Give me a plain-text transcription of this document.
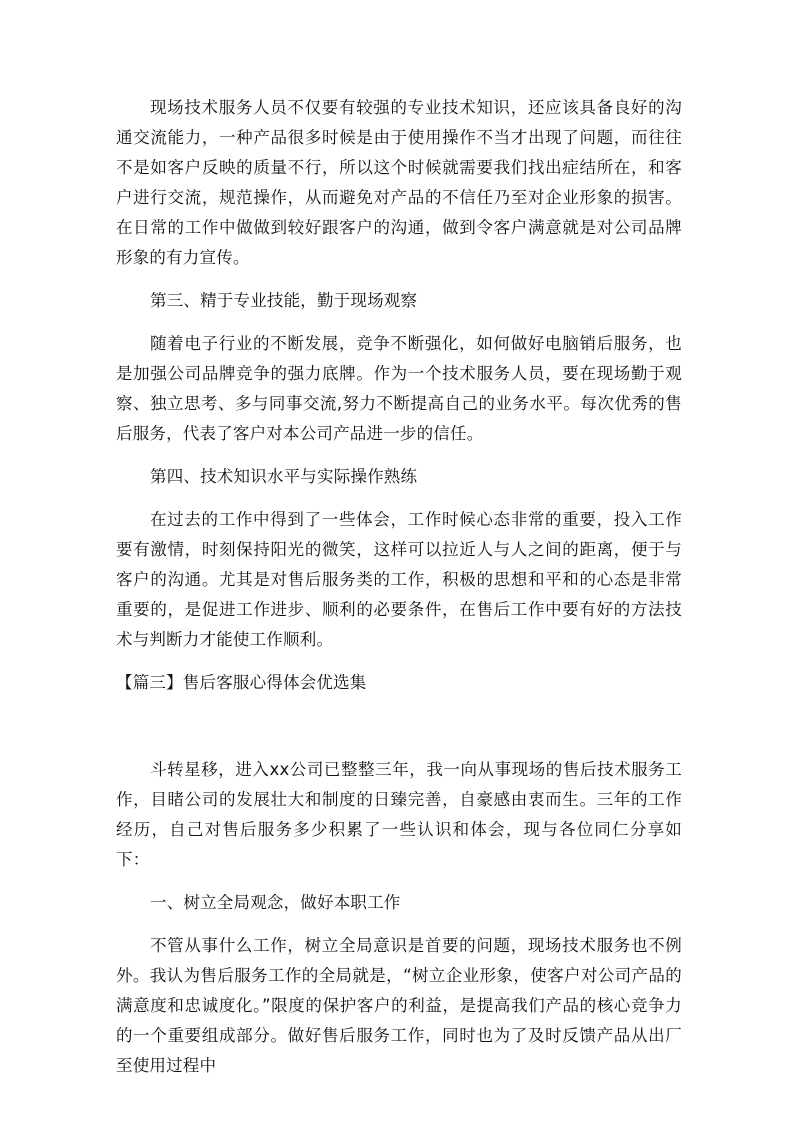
现场技术服务人员不仅要有较强的专业技术知识，还应该具备良好的沟通交流能力，一种产品很多时候是由于使用操作不当才出现了问题，而往往不是如客户反映的质量不行，所以这个时候就需要我们找出症结所在，和客户进行交流，规范操作，从而避免对产品的不信任乃至对企业形象的损害。在日常的工作中做做到较好跟客户的沟通，做到令客户满意就是对公司品牌形象的有力宣传。

第三、精于专业技能，勤于现场观察

随着电子行业的不断发展，竞争不断强化，如何做好电脑销后服务，也是加强公司品牌竞争的强力底牌。作为一个技术服务人员，要在现场勤于观察、独立思考、多与同事交流,努力不断提高自己的业务水平。每次优秀的售后服务，代表了客户对本公司产品进一步的信任。

第四、技术知识水平与实际操作熟练

在过去的工作中得到了一些体会，工作时候心态非常的重要，投入工作要有激情，时刻保持阳光的微笑，这样可以拉近人与人之间的距离，便于与客户的沟通。尤其是对售后服务类的工作，积极的思想和平和的心态是非常重要的，是促进工作进步、顺利的必要条件，在售后工作中要有好的方法技术与判断力才能使工作顺利。

【篇三】售后客服心得体会优选集

斗转星移，进入xx公司已整整三年，我一向从事现场的售后技术服务工作，目睹公司的发展壮大和制度的日臻完善，自豪感由衷而生。三年的工作经历，自己对售后服务多少积累了一些认识和体会，现与各位同仁分享如下：

一、树立全局观念，做好本职工作

不管从事什么工作，树立全局意识是首要的问题，现场技术服务也不例外。我认为售后服务工作的全局就是，“树立企业形象，使客户对公司产品的满意度和忠诚度化。”限度的保护客户的利益，是提高我们产品的核心竞争力的一个重要组成部分。做好售后服务工作，同时也为了及时反馈产品从出厂至使用过程中
